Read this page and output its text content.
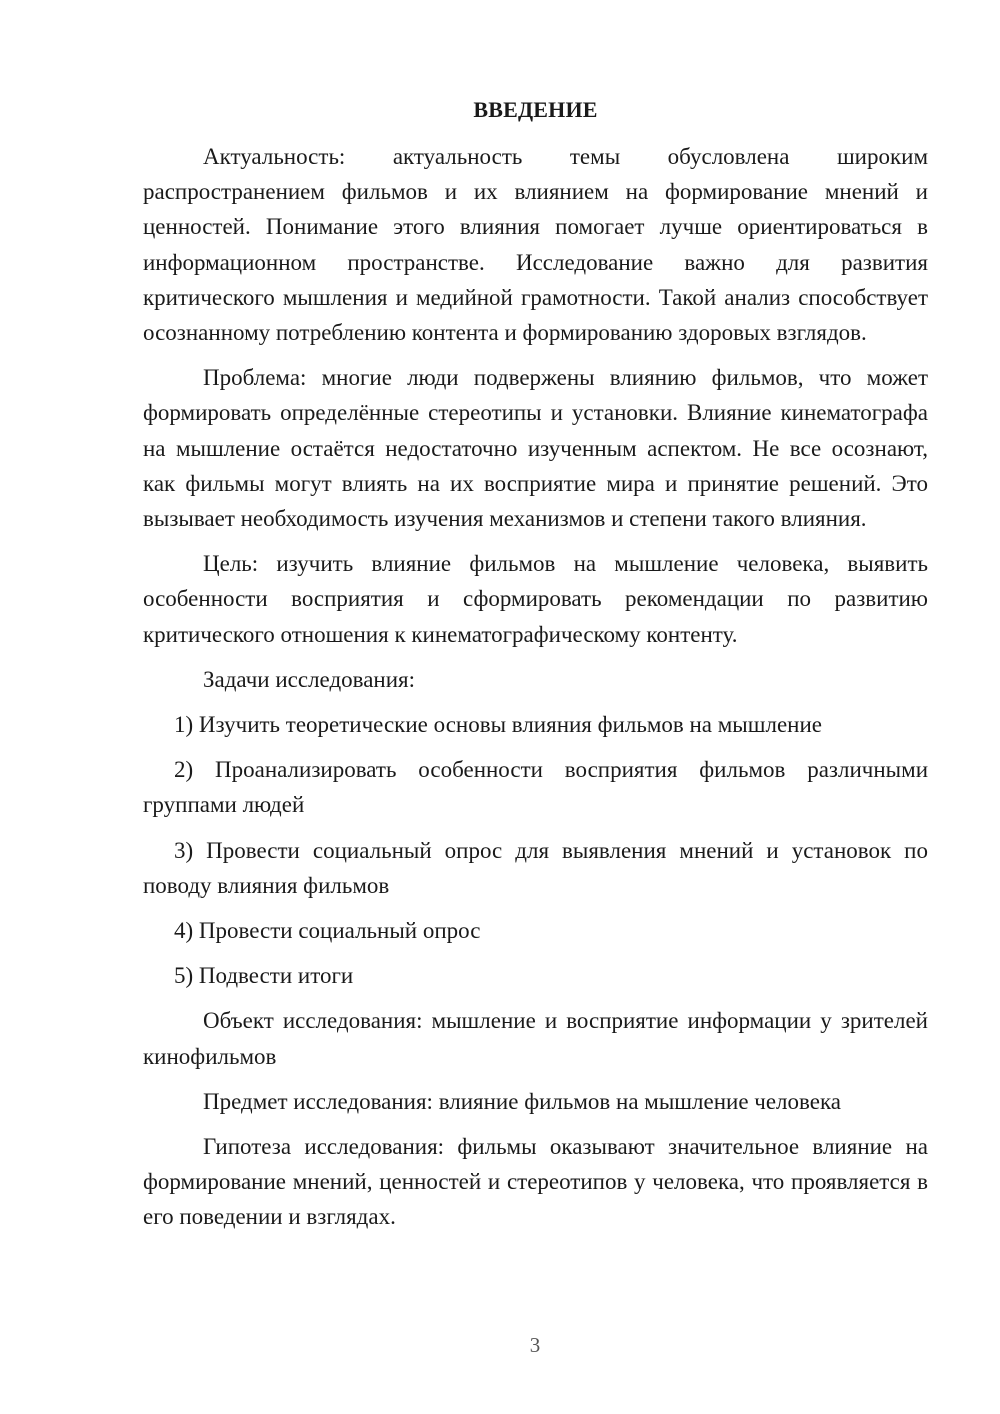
ВВЕДЕНИЕ

Актуальность: актуальность темы обусловлена широким распространением фильмов и их влиянием на формирование мнений и ценностей. Понимание этого влияния помогает лучше ориентироваться в информационном пространстве. Исследование важно для развития критического мышления и медийной грамотности. Такой анализ способствует осознанному потреблению контента и формированию здоровых взглядов.

Проблема: многие люди подвержены влиянию фильмов, что может формировать определённые стереотипы и установки. Влияние кинематографа на мышление остаётся недостаточно изученным аспектом. Не все осознают, как фильмы могут влиять на их восприятие мира и принятие решений. Это вызывает необходимость изучения механизмов и степени такого влияния.

Цель: изучить влияние фильмов на мышление человека, выявить особенности восприятия и сформировать рекомендации по развитию критического отношения к кинематографическому контенту.

Задачи исследования:

1) Изучить теоретические основы влияния фильмов на мышление

2) Проанализировать особенности восприятия фильмов различными группами людей

3) Провести социальный опрос для выявления мнений и установок по поводу влияния фильмов

4) Провести социальный опрос

5) Подвести итоги

Объект исследования: мышление и восприятие информации у зрителей кинофильмов

Предмет исследования: влияние фильмов на мышление человека

Гипотеза исследования: фильмы оказывают значительное влияние на формирование мнений, ценностей и стереотипов у человека, что проявляется в его поведении и взглядах.

3
